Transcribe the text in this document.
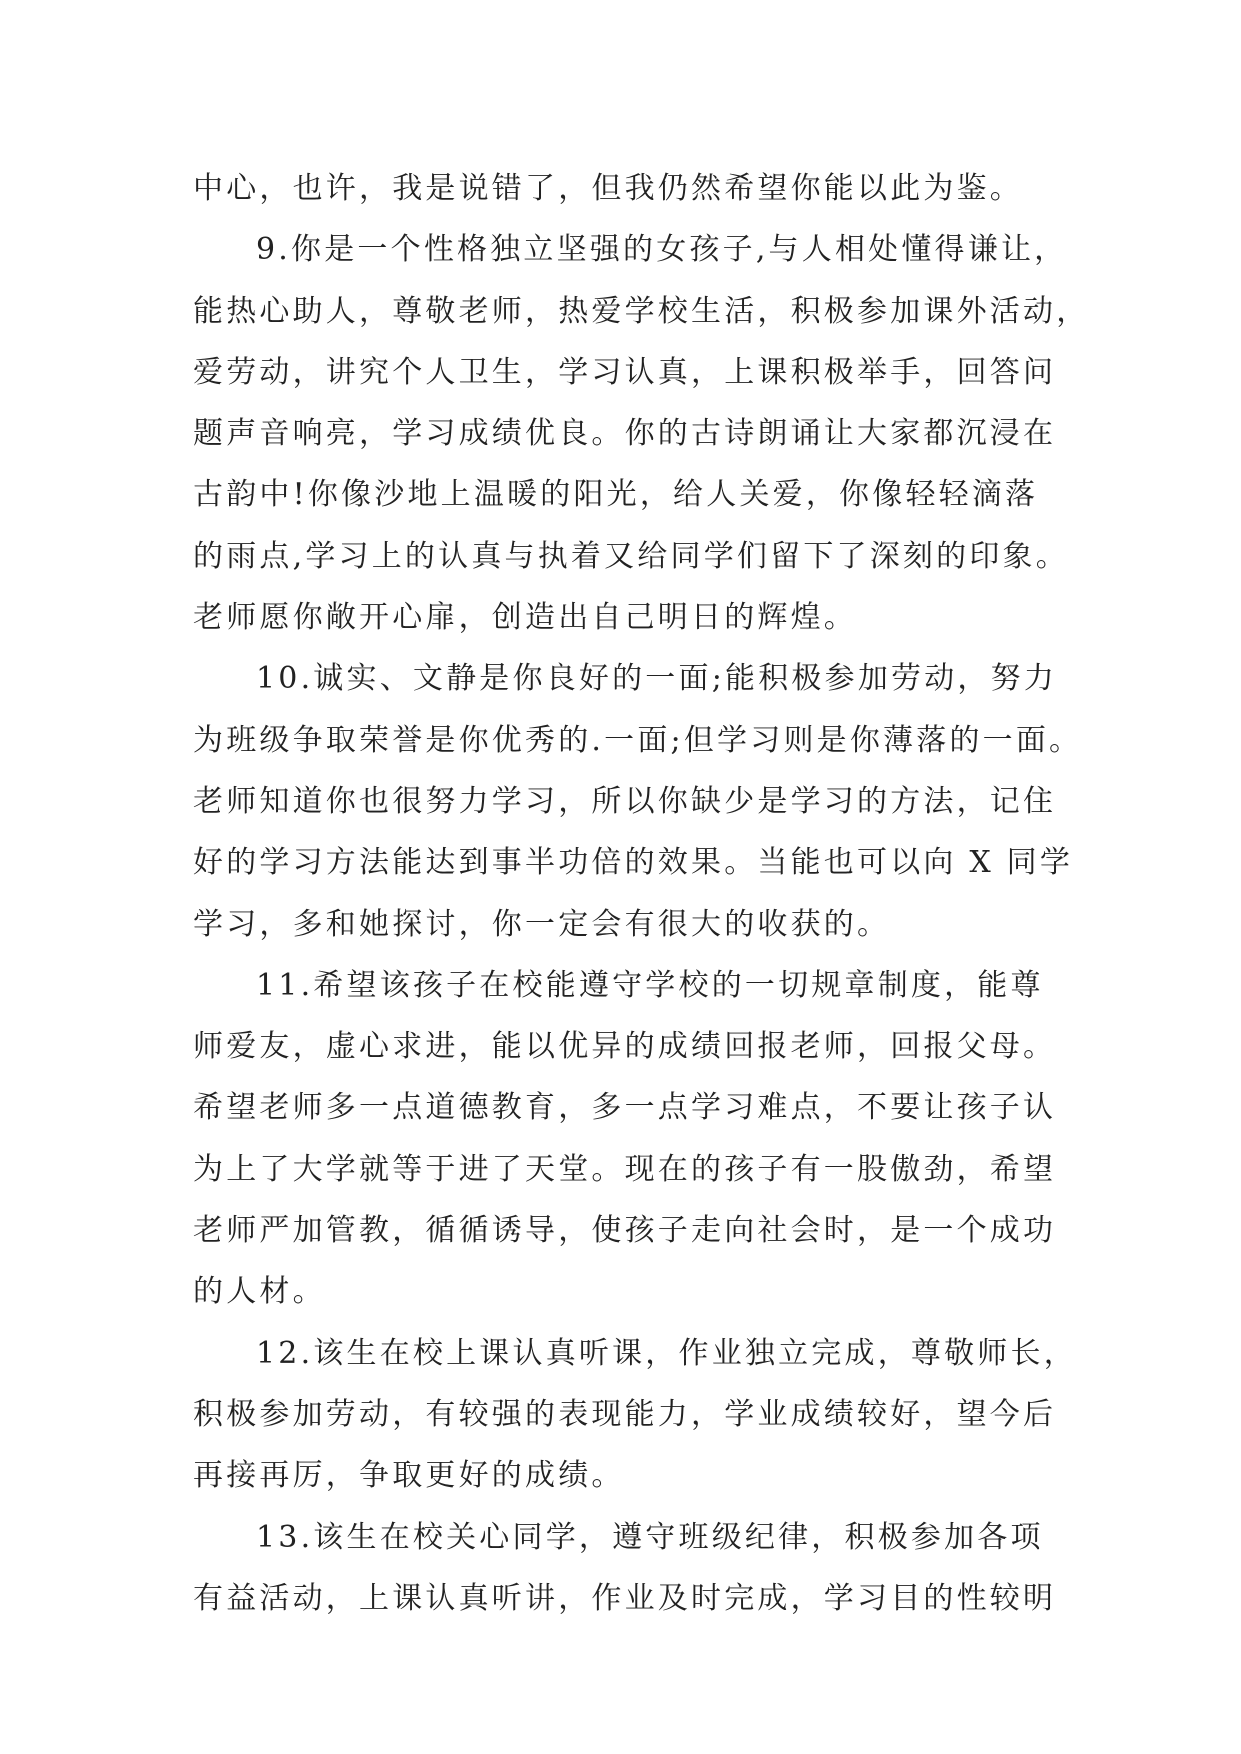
中心，也许，我是说错了，但我仍然希望你能以此为鉴。
9.你是一个性格独立坚强的女孩子,与人相处懂得谦让，
能热心助人，尊敬老师，热爱学校生活，积极参加课外活动，
爱劳动，讲究个人卫生，学习认真，上课积极举手，回答问
题声音响亮，学习成绩优良。你的古诗朗诵让大家都沉浸在
古韵中!你像沙地上温暖的阳光，给人关爱，你像轻轻滴落
的雨点,学习上的认真与执着又给同学们留下了深刻的印象。
老师愿你敞开心扉，创造出自己明日的辉煌。
10.诚实、文静是你良好的一面;能积极参加劳动，努力
为班级争取荣誉是你优秀的.一面;但学习则是你薄落的一面。
老师知道你也很努力学习，所以你缺少是学习的方法，记住
好的学习方法能达到事半功倍的效果。当能也可以向 X 同学
学习，多和她探讨，你一定会有很大的收获的。
11.希望该孩子在校能遵守学校的一切规章制度，能尊
师爱友，虚心求进，能以优异的成绩回报老师，回报父母。
希望老师多一点道德教育，多一点学习难点，不要让孩子认
为上了大学就等于进了天堂。现在的孩子有一股傲劲，希望
老师严加管教，循循诱导，使孩子走向社会时，是一个成功
的人材。
12.该生在校上课认真听课，作业独立完成，尊敬师长，
积极参加劳动，有较强的表现能力，学业成绩较好，望今后
再接再厉，争取更好的成绩。
13.该生在校关心同学，遵守班级纪律，积极参加各项
有益活动，上课认真听讲，作业及时完成，学习目的性较明
